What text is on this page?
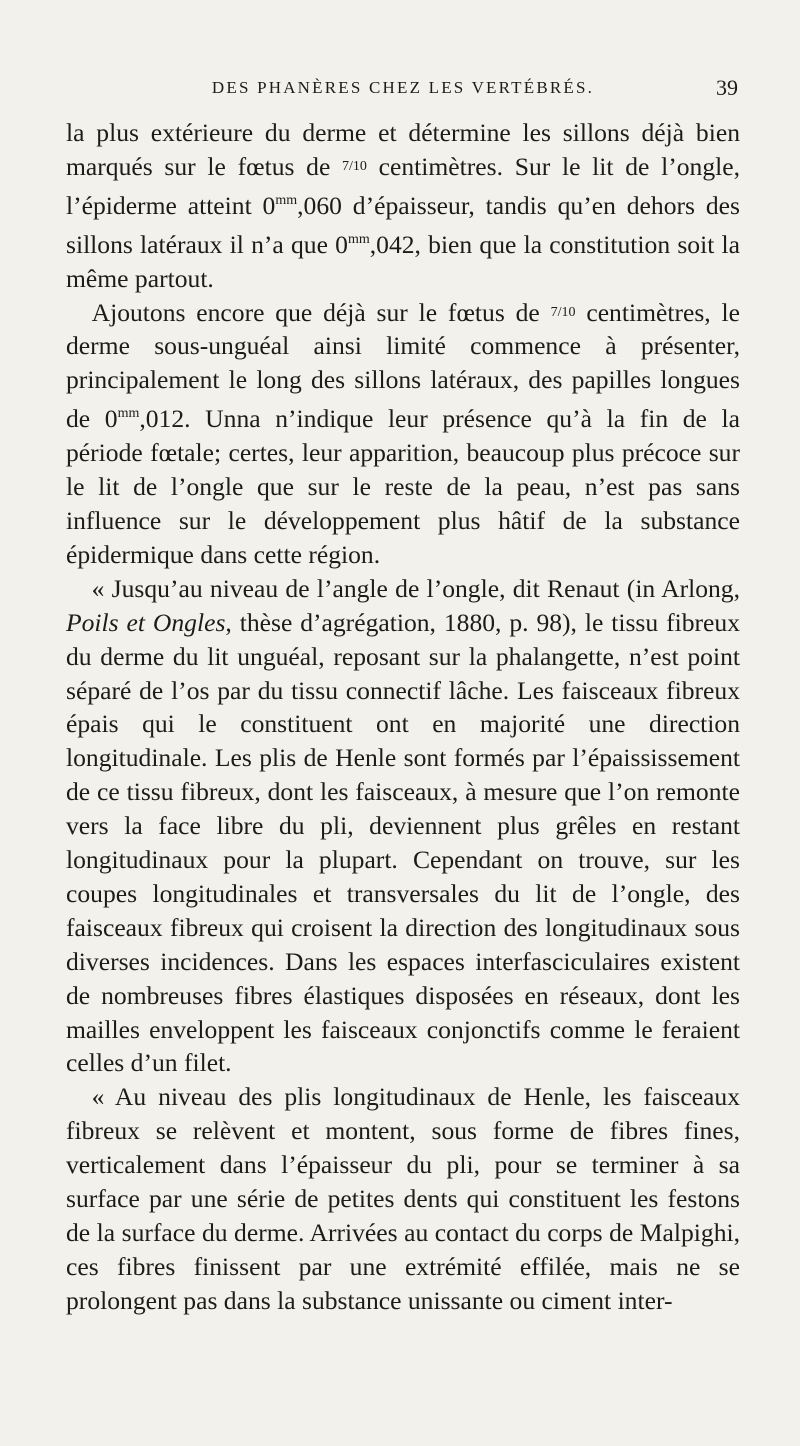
DES PHANÈRES CHEZ LES VERTÉBRÉS.	39

la plus extérieure du derme et détermine les sillons déjà bien marqués sur le fœtus de 7/10 centimètres. Sur le lit de l’ongle, l’épiderme atteint $0^{mm},060$ d’épaisseur, tandis qu’en dehors des sillons latéraux il n’a que $0^{mm},042$, bien que la constitution soit la même partout.

 Ajoutons encore que déjà sur le fœtus de 7/10 centimètres, le derme sous-unguéal ainsi limité commence à présenter, principalement le long des sillons latéraux, des papilles longues de $0^{mm},012$. Unna n’indique leur présence qu’à la fin de la période fœtale; certes, leur apparition, beaucoup plus précoce sur le lit de l’ongle que sur le reste de la peau, n’est pas sans influence sur le développement plus hâtif de la substance épidermique dans cette région.

 « Jusqu’au niveau de l’angle de l’ongle, dit Renaut (in Arlong, Poils et Ongles, thèse d’agrégation, 1880, p. 98), le tissu fibreux du derme du lit unguéal, reposant sur la phalangette, n’est point séparé de l’os par du tissu connectif lâche. Les faisceaux fibreux épais qui le constituent ont en majorité une direction longitudinale. Les plis de Henle sont formés par l’épaississement de ce tissu fibreux, dont les faisceaux, à mesure que l’on remonte vers la face libre du pli, deviennent plus grêles en restant longitudinaux pour la plupart. Cependant on trouve, sur les coupes longitudinales et transversales du lit de l’ongle, des faisceaux fibreux qui croisent la direction des longitudinaux sous diverses incidences. Dans les espaces interfasciculaires existent de nombreuses fibres élastiques disposées en réseaux, dont les mailles enveloppent les faisceaux conjonctifs comme le feraient celles d’un filet.

 « Au niveau des plis longitudinaux de Henle, les faisceaux fibreux se relèvent et montent, sous forme de fibres fines, verticalement dans l’épaisseur du pli, pour se terminer à sa surface par une série de petites dents qui constituent les festons de la surface du derme. Arrivées au contact du corps de Malpighi, ces fibres finissent par une extrémité effilée, mais ne se prolongent pas dans la substance unissante ou ciment inter-
